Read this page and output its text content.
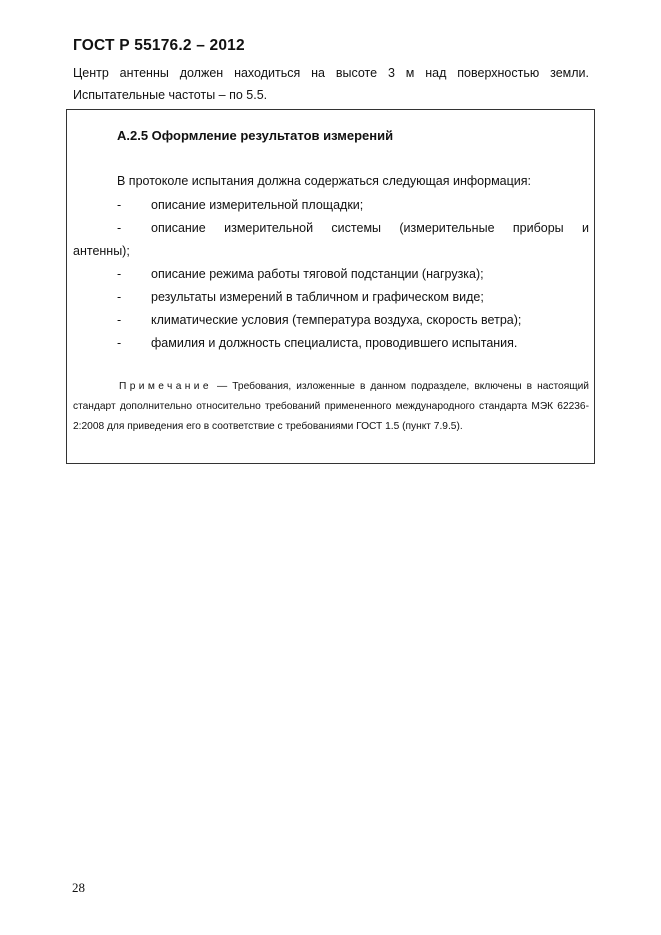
ГОСТ Р 55176.2 – 2012

Центр антенны должен находиться на высоте 3 м над поверхностью земли.

Испытательные частоты – по 5.5.

А.2.5 Оформление результатов измерений
В протоколе испытания должна содержаться следующая информация:
- описание измерительной площадки;
-	описание измерительной системы (измерительные приборы и
антенны);
- описание режима работы тяговой подстанции (нагрузка);
- результаты измерений в табличном и графическом виде;
- климатические условия (температура воздуха, скорость ветра);
- фамилия и должность специалиста, проводившего испытания.

Примечание — Требования, изложенные в данном подразделе, включены в настоящий стандарт дополнительно относительно требований примененного международного стандарта МЭК 62236-2:2008 для приведения его в соответствие с требованиями ГОСТ 1.5 (пункт 7.9.5).

28
